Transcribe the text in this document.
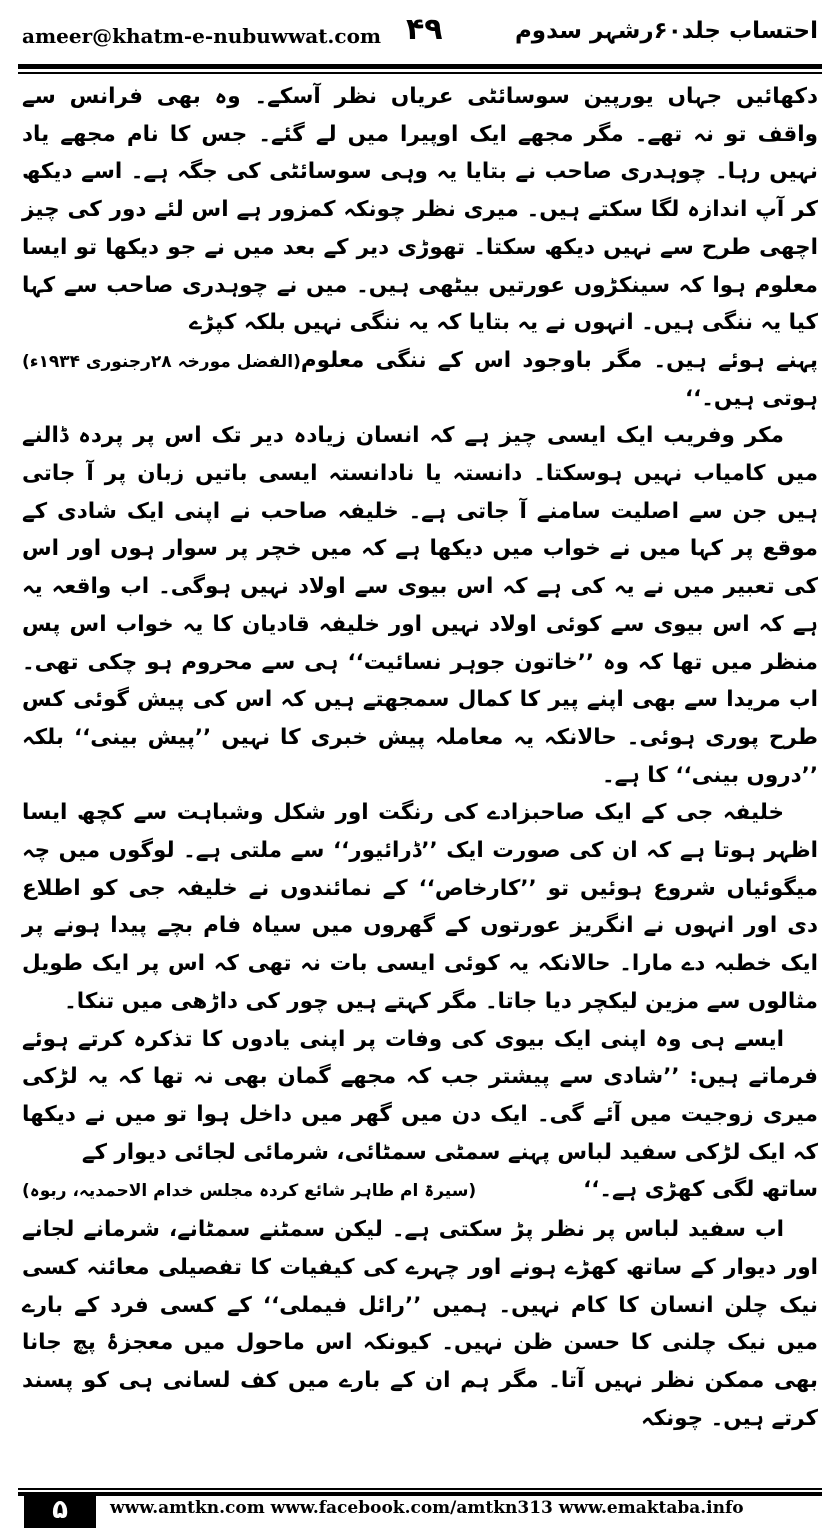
ameer@khatm-e-nubuwwat.com ۴۹	احتساب جلد۶۰رشہر سدوم

دکھائیں جہاں یورپین سوسائٹی عریاں نظر آسکے۔ وہ بھی فرانس سے واقف تو نہ تھے۔ مگر مجھے ایک اوپیرا میں لے گئے۔ جس کا نام مجھے یاد نہیں رہا۔ چوہدری صاحب نے بتایا یہ وہی سوسائٹی کی جگہ ہے۔ اسے دیکھ کر آپ اندازہ لگا سکتے ہیں۔ میری نظر چونکہ کمزور ہے اس لئے دور کی چیز اچھی طرح سے نہیں دیکھ سکتا۔ تھوڑی دیر کے بعد میں نے جو دیکھا تو ایسا معلوم ہوا کہ سینکڑوں عورتیں بیٹھی ہیں۔ میں نے چوہدری صاحب سے کہا کیا یہ ننگی ہیں۔ انہوں نے یہ بتایا کہ یہ ننگی نہیں بلکہ کپڑے

پہنے ہوئے ہیں۔ مگر باوجود اس کے ننگی معلوم ہوتی ہیں۔‘‘
(الفضل مورخہ ۲۸رجنوری ۱۹۳۴ء)

مکر وفریب ایک ایسی چیز ہے کہ انسان زیادہ دیر تک اس پر پردہ ڈالنے میں کامیاب نہیں ہوسکتا۔ دانستہ یا نادانستہ ایسی باتیں زبان پر آ جاتی ہیں جن سے اصلیت سامنے آ جاتی ہے۔ خلیفہ صاحب نے اپنی ایک شادی کے موقع پر کہا میں نے خواب میں دیکھا ہے کہ میں خچر پر سوار ہوں اور اس کی تعبیر میں نے یہ کی ہے کہ اس بیوی سے اولاد نہیں ہوگی۔ اب واقعہ یہ ہے کہ اس بیوی سے کوئی اولاد نہیں اور خلیفہ قادیان کا یہ خواب اس پس منظر میں تھا کہ وہ ’’خاتون جوہر نسائیت‘‘ ہی سے محروم ہو چکی تھی۔ اب مریدا سے بھی اپنے پیر کا کمال سمجھتے ہیں کہ اس کی پیش گوئی کس طرح پوری ہوئی۔ حالانکہ یہ معاملہ پیش خبری کا نہیں ’’پیش بینی‘‘ بلکہ ’’دروں بینی‘‘ کا ہے۔

خلیفہ جی کے ایک صاحبزادے کی رنگت اور شکل وشباہت سے کچھ ایسا اظہر ہوتا ہے کہ ان کی صورت ایک ’’ڈرائیور‘‘ سے ملتی ہے۔ لوگوں میں چہ میگوئیاں شروع ہوئیں تو ’’کارخاص‘‘ کے نمائندوں نے خلیفہ جی کو اطلاع دی اور انہوں نے انگریز عورتوں کے گھروں میں سیاہ فام بچے پیدا ہونے پر ایک خطبہ دے مارا۔ حالانکہ یہ کوئی ایسی بات نہ تھی کہ اس پر ایک طویل مثالوں سے مزین لیکچر دیا جاتا۔ مگر کہتے ہیں چور کی داڑھی میں تنکا۔

ایسے ہی وہ اپنی ایک بیوی کی وفات پر اپنی یادوں کا تذکرہ کرتے ہوئے فرماتے ہیں: ’’شادی سے پیشتر جب کہ مجھے گمان بھی نہ تھا کہ یہ لڑکی میری زوجیت میں آئے گی۔ ایک دن میں گھر میں داخل ہوا تو میں نے دیکھا کہ ایک لڑکی سفید لباس پہنے سمٹی سمٹائی، شرمائی لجائی دیوار کے

ساتھ لگی کھڑی ہے۔‘‘
(سیرۃ ام طاہر شائع کردہ مجلس خدام الاحمدیہ، ربوہ)

اب سفید لباس پر نظر پڑ سکتی ہے۔ لیکن سمٹنے سمٹانے، شرمانے لجانے اور دیوار کے ساتھ کھڑے ہونے اور چہرے کی کیفیات کا تفصیلی معائنہ کسی نیک چلن انسان کا کام نہیں۔ ہمیں ’’رائل فیملی‘‘ کے کسی فرد کے بارے میں نیک چلنی کا حسن ظن نہیں۔ کیونکہ اس ماحول میں معجزۂ پچ جانا بھی ممکن نظر نہیں آتا۔ مگر ہم ان کے بارے میں کف لسانی ہی کو پسند کرتے ہیں۔ چونکہ

۵	www.amtkn.com www.facebook.com/amtkn313 www.emaktaba.info
